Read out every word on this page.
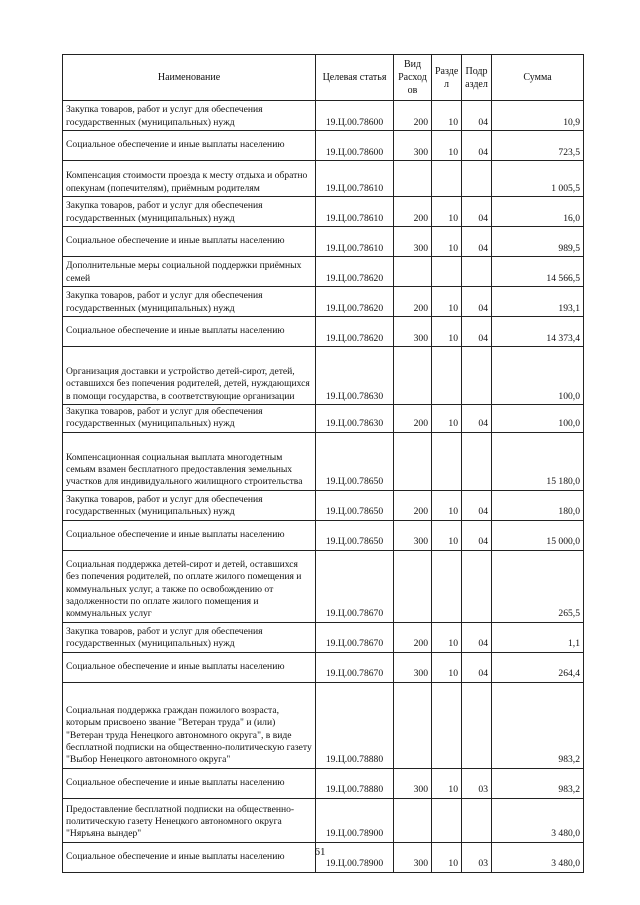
Наименование	Целевая статья	Вид Расход ов	Разде л	Подр аздел	Сумма
Закупка товаров, работ и услуг для обеспечения государственных (муниципальных) нужд	19.Ц.00.78600	200	10	04	10,9
Социальное обеспечение и иные выплаты населению	19.Ц.00.78600	300	10	04	723,5
Компенсация стоимости проезда к месту отдыха и обратно опекунам (попечителям), приёмным родителям	19.Ц.00.78610				1 005,5
Закупка товаров, работ и услуг для обеспечения государственных (муниципальных) нужд	19.Ц.00.78610	200	10	04	16,0
Социальное обеспечение и иные выплаты населению	19.Ц.00.78610	300	10	04	989,5
Дополнительные меры социальной поддержки приёмных семей	19.Ц.00.78620				14 566,5
Закупка товаров, работ и услуг для обеспечения государственных (муниципальных) нужд	19.Ц.00.78620	200	10	04	193,1
Социальное обеспечение и иные выплаты населению	19.Ц.00.78620	300	10	04	14 373,4
Организация доставки и устройство детей-сирот, детей, оставшихся без попечения родителей, детей, нуждающихся в помощи государства, в соответствующие организации	19.Ц.00.78630				100,0
Закупка товаров, работ и услуг для обеспечения государственных (муниципальных) нужд	19.Ц.00.78630	200	10	04	100,0
Компенсационная социальная выплата многодетным семьям взамен бесплатного предоставления земельных участков для индивидуального жилищного строительства	19.Ц.00.78650				15 180,0
Закупка товаров, работ и услуг для обеспечения государственных (муниципальных) нужд	19.Ц.00.78650	200	10	04	180,0
Социальное обеспечение и иные выплаты населению	19.Ц.00.78650	300	10	04	15 000,0
Социальная поддержка детей-сирот и детей, оставшихся без попечения родителей, по оплате жилого помещения и коммунальных услуг, а также по освобождению от задолженности по оплате жилого помещения и коммунальных услуг	19.Ц.00.78670				265,5
Закупка товаров, работ и услуг для обеспечения государственных (муниципальных) нужд	19.Ц.00.78670	200	10	04	1,1
Социальное обеспечение и иные выплаты населению	19.Ц.00.78670	300	10	04	264,4
Социальная поддержка граждан пожилого возраста, которым присвоено звание "Ветеран труда" и (или) "Ветеран труда Ненецкого автономного округа", в виде бесплатной подписки на общественно-политическую газету "Выбор Ненецкого автономного округа"	19.Ц.00.78880				983,2
Социальное обеспечение и иные выплаты населению	19.Ц.00.78880	300	10	03	983,2
Предоставление бесплатной подписки на общественно-политическую газету Ненецкого автономного округа "Няръяна вындер"	19.Ц.00.78900				3 480,0
Социальное обеспечение и иные выплаты населению	19.Ц.00.78900	300	10	03	3 480,0
61
